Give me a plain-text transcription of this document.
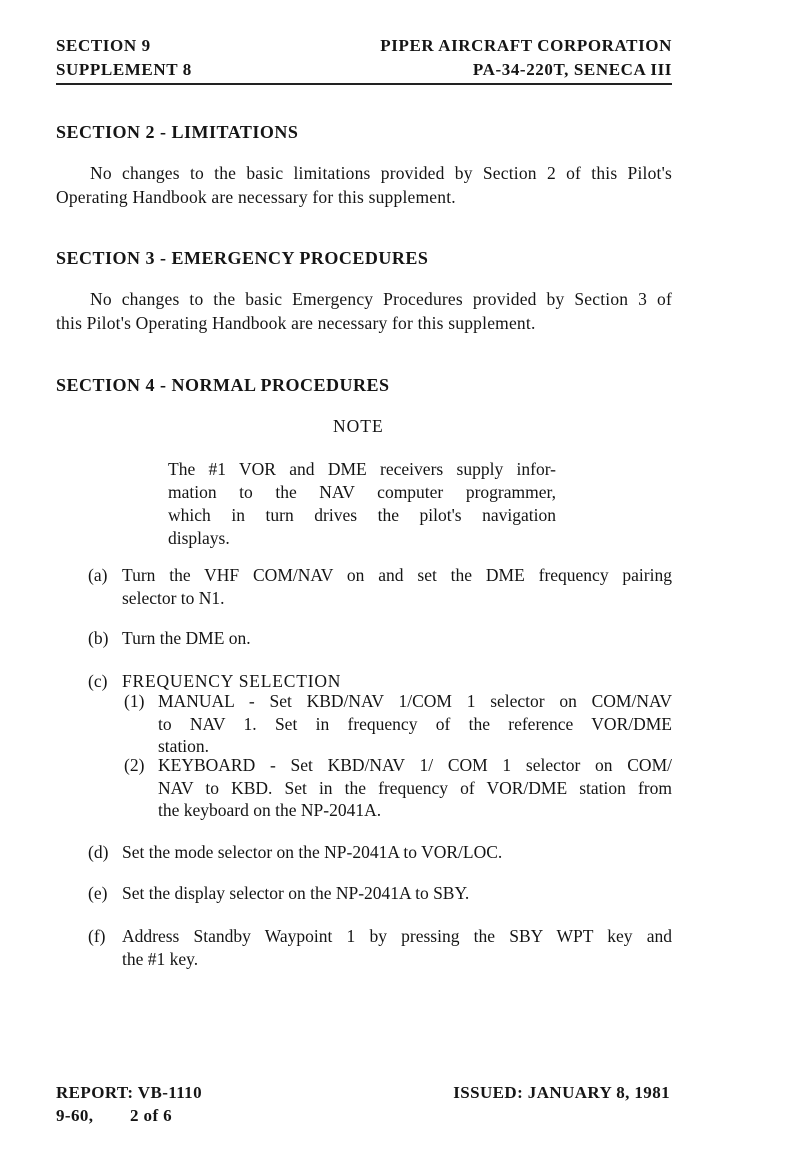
SECTION 9
SUPPLEMENT 8
PIPER AIRCRAFT CORPORATION
PA-34-220T, SENECA III
SECTION 2 - LIMITATIONS
No changes to the basic limitations provided by Section 2 of this Pilot's
Operating Handbook are necessary for this supplement.
SECTION 3 - EMERGENCY PROCEDURES
No changes to the basic Emergency Procedures provided by Section 3 of
this Pilot's Operating Handbook are necessary for this supplement.
SECTION 4 - NORMAL PROCEDURES
NOTE
The #1 VOR and DME receivers supply infor-
mation to the NAV computer programmer,
which in turn drives the pilot's navigation
displays.
(a) Turn the VHF COM/NAV on and set the DME frequency pairing
selector to N1.
(b) Turn the DME on.
(c) FREQUENCY SELECTION
(1) MANUAL - Set KBD/NAV 1/COM 1 selector on COM/NAV
to NAV 1. Set in frequency of the reference VOR/DME
station.
(2) KEYBOARD - Set KBD/NAV 1/ COM 1 selector on COM/
NAV to KBD. Set in the frequency of VOR/DME station from
the keyboard on the NP-2041A.
(d) Set the mode selector on the NP-2041A to VOR/LOC.
(e) Set the display selector on the NP-2041A to SBY.
(f) Address Standby Waypoint 1 by pressing the SBY WPT key and
the #1 key.
REPORT: VB-1110
9-60, 2 of 6
ISSUED: JANUARY 8, 1981
